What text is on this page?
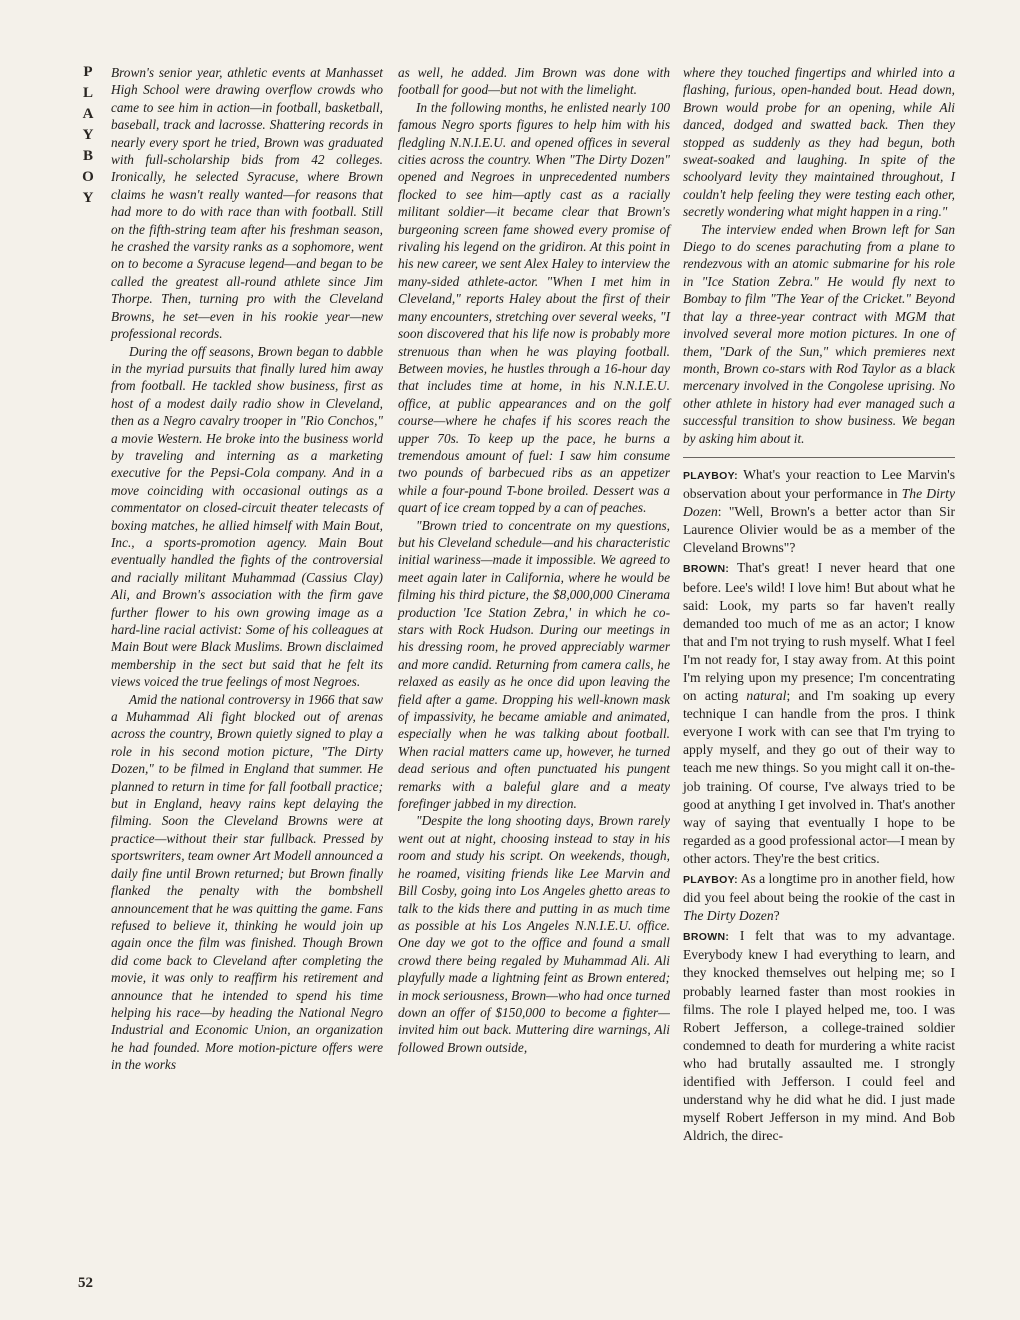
P
L
A
Y
B
O
Y
52

Brown's senior year, athletic events at Manhasset High School were drawing overflow crowds who came to see him in action—in football, basketball, baseball, track and lacrosse. Shattering records in nearly every sport he tried, Brown was graduated with full-scholarship bids from 42 colleges. Ironically, he selected Syracuse, where Brown claims he wasn't really wanted—for reasons that had more to do with race than with football. Still on the fifth-string team after his freshman season, he crashed the varsity ranks as a sophomore, went on to become a Syracuse legend—and began to be called the greatest all-round athlete since Jim Thorpe. Then, turning pro with the Cleveland Browns, he set—even in his rookie year—new professional records.

During the off seasons, Brown began to dabble in the myriad pursuits that finally lured him away from football. He tackled show business, first as host of a modest daily radio show in Cleveland, then as a Negro cavalry trooper in "Rio Conchos," a movie Western. He broke into the business world by traveling and interning as a marketing executive for the Pepsi-Cola company. And in a move coinciding with occasional outings as a commentator on closed-circuit theater telecasts of boxing matches, he allied himself with Main Bout, Inc., a sports-promotion agency. Main Bout eventually handled the fights of the controversial and racially militant Muhammad (Cassius Clay) Ali, and Brown's association with the firm gave further flower to his own growing image as a hard-line racial activist: Some of his colleagues at Main Bout were Black Muslims. Brown disclaimed membership in the sect but said that he felt its views voiced the true feelings of most Negroes.

Amid the national controversy in 1966 that saw a Muhammad Ali fight blocked out of arenas across the country, Brown quietly signed to play a role in his second motion picture, "The Dirty Dozen," to be filmed in England that summer. He planned to return in time for fall football practice; but in England, heavy rains kept delaying the filming. Soon the Cleveland Browns were at practice—without their star fullback. Pressed by sportswriters, team owner Art Modell announced a daily fine until Brown returned; but Brown finally flanked the penalty with the bombshell announcement that he was quitting the game. Fans refused to believe it, thinking he would join up again once the film was finished. Though Brown did come back to Cleveland after completing the movie, it was only to reaffirm his retirement and announce that he intended to spend his time helping his race—by heading the National Negro Industrial and Economic Union, an organization he had founded. More motion-picture offers were in the works

as well, he added. Jim Brown was done with football for good—but not with the limelight.

In the following months, he enlisted nearly 100 famous Negro sports figures to help him with his fledgling N.N.I.E.U. and opened offices in several cities across the country. When "The Dirty Dozen" opened and Negroes in unprecedented numbers flocked to see him—aptly cast as a racially militant soldier—it became clear that Brown's burgeoning screen fame showed every promise of rivaling his legend on the gridiron. At this point in his new career, we sent Alex Haley to interview the many-sided athlete-actor. "When I met him in Cleveland," reports Haley about the first of their many encounters, stretching over several weeks, "I soon discovered that his life now is probably more strenuous than when he was playing football. Between movies, he hustles through a 16-hour day that includes time at home, in his N.N.I.E.U. office, at public appearances and on the golf course—where he chafes if his scores reach the upper 70s. To keep up the pace, he burns a tremendous amount of fuel: I saw him consume two pounds of barbecued ribs as an appetizer while a four-pound T-bone broiled. Dessert was a quart of ice cream topped by a can of peaches.

"Brown tried to concentrate on my questions, but his Cleveland schedule—and his characteristic initial wariness—made it impossible. We agreed to meet again later in California, where he would be filming his third picture, the $8,000,000 Cinerama production 'Ice Station Zebra,' in which he co-stars with Rock Hudson. During our meetings in his dressing room, he proved appreciably warmer and more candid. Returning from camera calls, he relaxed as easily as he once did upon leaving the field after a game. Dropping his well-known mask of impassivity, he became amiable and animated, especially when he was talking about football. When racial matters came up, however, he turned dead serious and often punctuated his pungent remarks with a baleful glare and a meaty forefinger jabbed in my direction.

"Despite the long shooting days, Brown rarely went out at night, choosing instead to stay in his room and study his script. On weekends, though, he roamed, visiting friends like Lee Marvin and Bill Cosby, going into Los Angeles ghetto areas to talk to the kids there and putting in as much time as possible at his Los Angeles N.N.I.E.U. office. One day we got to the office and found a small crowd there being regaled by Muhammad Ali. Ali playfully made a lightning feint as Brown entered; in mock seriousness, Brown—who had once turned down an offer of $150,000 to become a fighter—invited him out back. Muttering dire warnings, Ali followed Brown outside,

where they touched fingertips and whirled into a flashing, furious, open-handed bout. Head down, Brown would probe for an opening, while Ali danced, dodged and swatted back. Then they stopped as suddenly as they had begun, both sweat-soaked and laughing. In spite of the schoolyard levity they maintained throughout, I couldn't help feeling they were testing each other, secretly wondering what might happen in a ring."

The interview ended when Brown left for San Diego to do scenes parachuting from a plane to rendezvous with an atomic submarine for his role in "Ice Station Zebra." He would fly next to Bombay to film "The Year of the Cricket." Beyond that lay a three-year contract with MGM that involved several more motion pictures. In one of them, "Dark of the Sun," which premieres next month, Brown co-stars with Rod Taylor as a black mercenary involved in the Congolese uprising. No other athlete in history had ever managed such a successful transition to show business. We began by asking him about it.

PLAYBOY: What's your reaction to Lee Marvin's observation about your performance in The Dirty Dozen: "Well, Brown's a better actor than Sir Laurence Olivier would be as a member of the Cleveland Browns"?

BROWN: That's great! I never heard that one before. Lee's wild! I love him! But about what he said: Look, my parts so far haven't really demanded too much of me as an actor; I know that and I'm not trying to rush myself. What I feel I'm not ready for, I stay away from. At this point I'm relying upon my presence; I'm concentrating on acting natural; and I'm soaking up every technique I can handle from the pros. I think everyone I work with can see that I'm trying to apply myself, and they go out of their way to teach me new things. So you might call it on-the-job training. Of course, I've always tried to be good at anything I get involved in. That's another way of saying that eventually I hope to be regarded as a good professional actor—I mean by other actors. They're the best critics.

PLAYBOY: As a longtime pro in another field, how did you feel about being the rookie of the cast in The Dirty Dozen?

BROWN: I felt that was to my advantage. Everybody knew I had everything to learn, and they knocked themselves out helping me; so I probably learned faster than most rookies in films. The role I played helped me, too. I was Robert Jefferson, a college-trained soldier condemned to death for murdering a white racist who had brutally assaulted me. I strongly identified with Jefferson. I could feel and understand why he did what he did. I just made myself Robert Jefferson in my mind. And Bob Aldrich, the direc-
